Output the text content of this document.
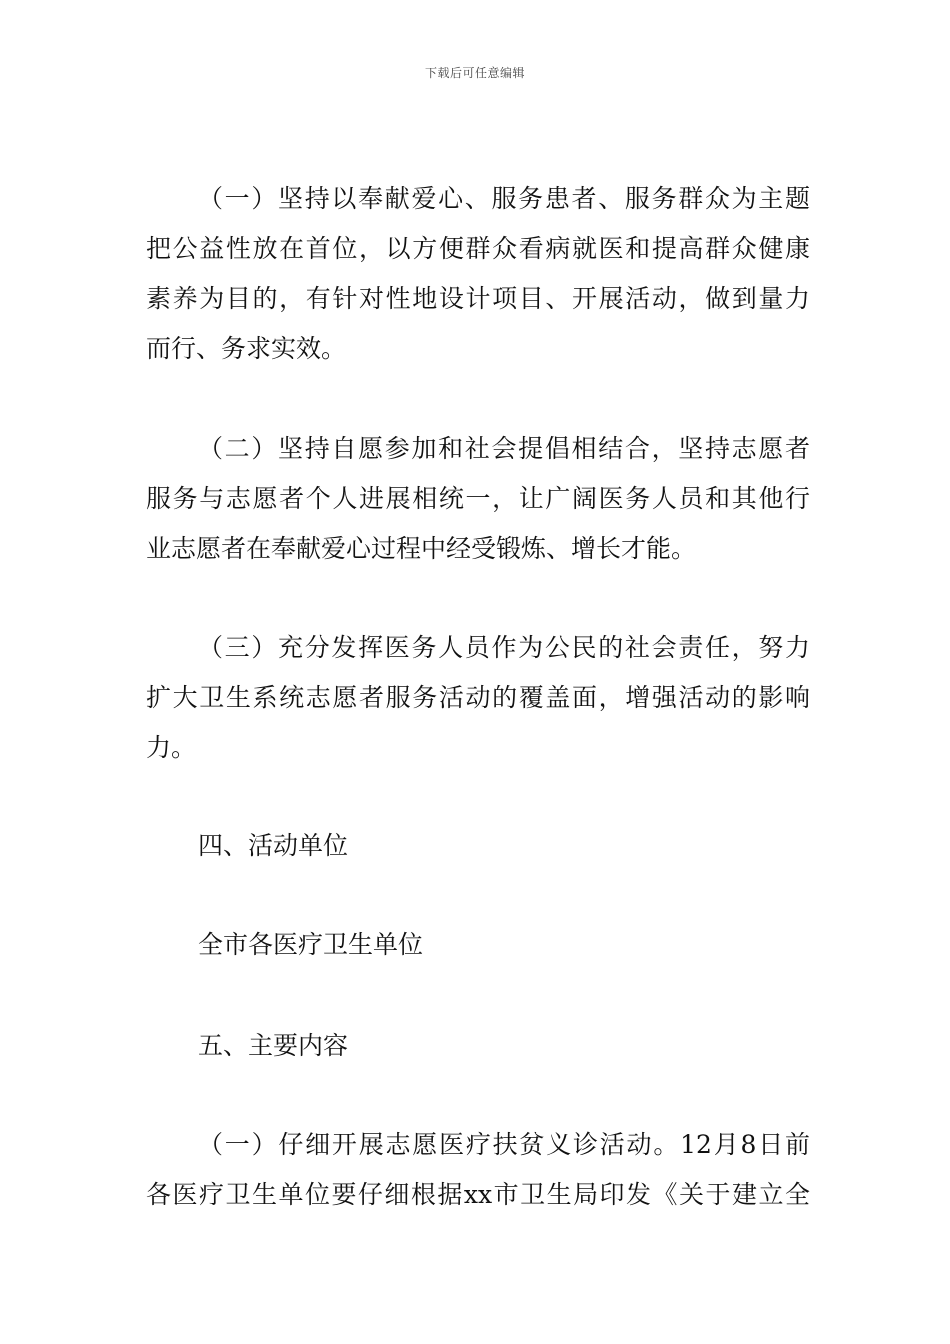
下载后可任意编辑
（一）坚持以奉献爱心、服务患者、服务群众为主题
把公益性放在首位，以方便群众看病就医和提高群众健康
素养为目的，有针对性地设计项目、开展活动，做到量力
而行、务求实效。
（二）坚持自愿参加和社会提倡相结合，坚持志愿者
服务与志愿者个人进展相统一，让广阔医务人员和其他行
业志愿者在奉献爱心过程中经受锻炼、增长才能。
（三）充分发挥医务人员作为公民的社会责任，努力
扩大卫生系统志愿者服务活动的覆盖面，增强活动的影响
力。
四、活动单位
全市各医疗卫生单位
五、主要内容
（一）仔细开展志愿医疗扶贫义诊活动。12月8日前
各医疗卫生单位要仔细根据xx市卫生局印发《关于建立全
